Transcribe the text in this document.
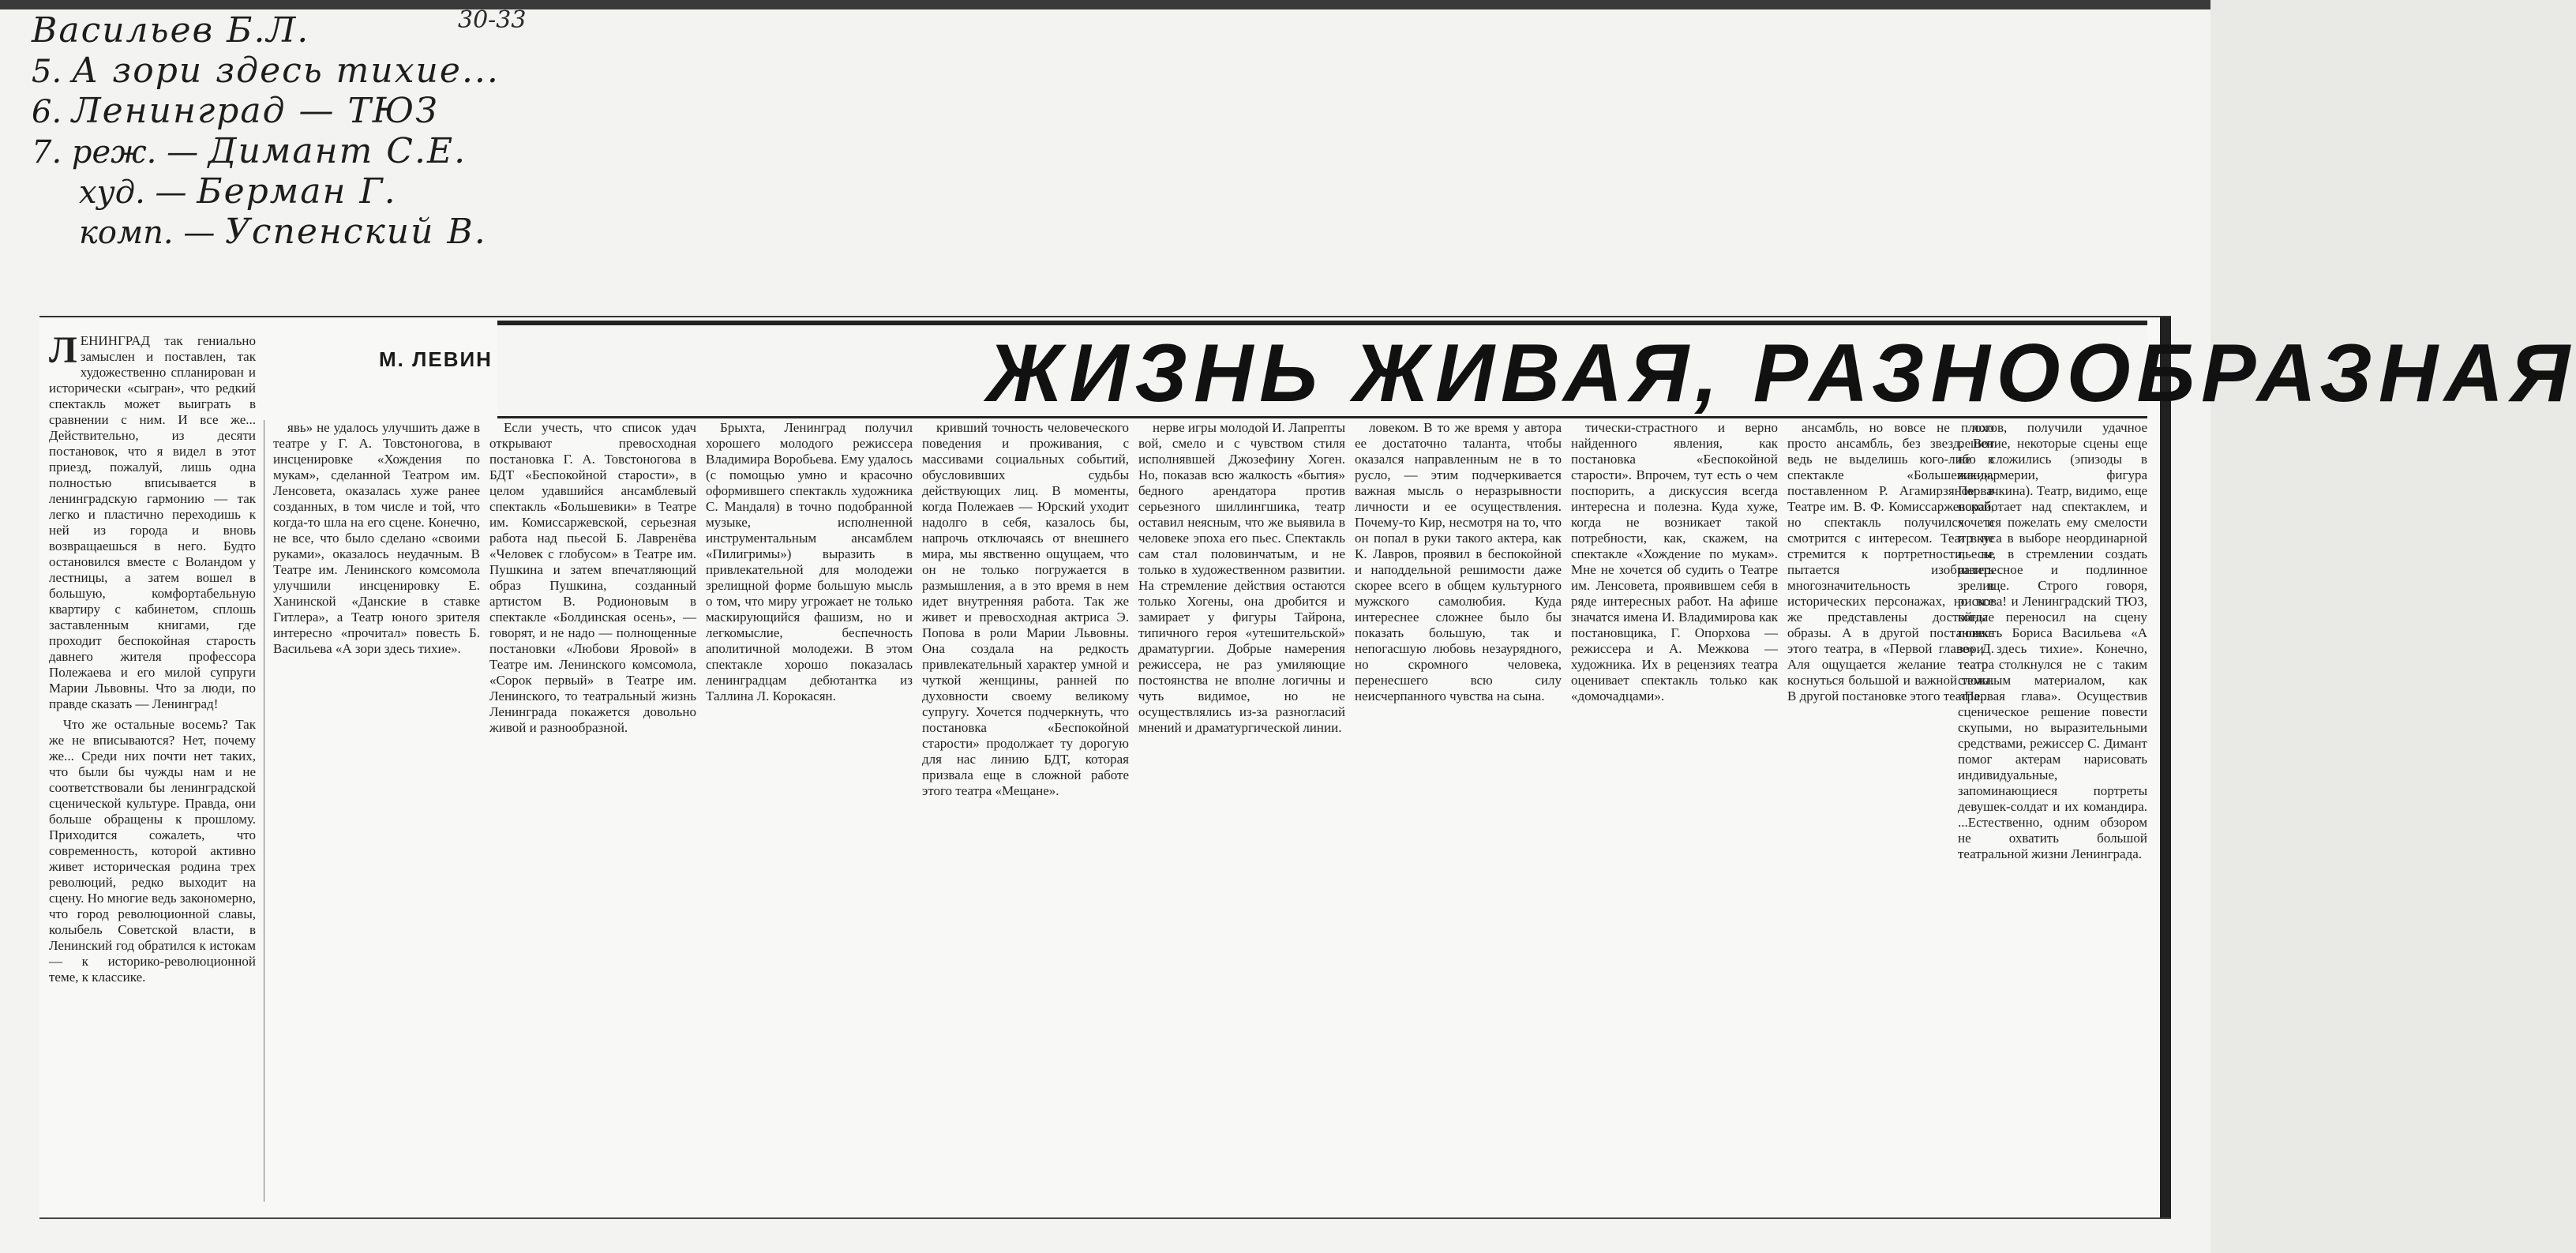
30-33
Васильев Б.Л.
5. А зори здесь тихие...
6. Ленинград — ТЮЗ
7. реж. — Димант С.Е.
худ. — Берман Г.
комп. — Успенский В.
ЖИЗНЬ ЖИВАЯ, РАЗНООБРАЗНАЯ
М. ЛЕВИН

ЛЕНИНГРАД так гениально замыслен и поставлен, так художественно спланирован и исторически «сыгран», что редкий спектакль может выиграть в сравнении с ним. И все же... Действительно, из десяти постановок, что я видел в этот приезд, пожалуй, лишь одна полностью вписывается в ленинградскую гармонию — так легко и пластично переходишь к ней из города и вновь возвращаешься в него. Будто остановился вместе с Воландом у лестницы, а затем вошел в большую, комфортабельную квартиру с кабинетом, сплошь заставленным книгами, где проходит беспокойная старость давнего жителя профессора Полежаева и его милой супруги Марии Львовны. Что за люди, по правде сказать — Ленинград!

Что же остальные восемь? Так же не вписываются? Нет, почему же... Среди них почти нет таких, что были бы чужды нам и не соответствовали бы ленинградской сценической культуре. Правда, они больше обращены к прошлому. Приходится сожалеть, что современность, которой активно живет историческая родина трех революций, редко выходит на сцену. Но многие ведь закономерно, что город революционной славы, колыбель Советской власти, в Ленинский год обратился к истокам — к историко-революционной теме, к классике.

явь» не удалось улучшить даже в театре у Г. А. Товстоногова, в инсценировке «Хождения по мукам», сделанной Театром им. Ленсовета, оказалась хуже ранее созданных, в том числе и той, что когда-то шла на его сцене. Конечно, не все, что было сделано «своими руками», оказалось неудачным. В Театре им. Ленинского комсомола улучшили инсценировку Е. Ханинской «Данские в ставке Гитлера», а Театр юного зрителя интересно «прочитал» повесть Б. Васильева «А зори здесь тихие».

Если учесть, что список удач открывают превосходная постановка Г. А. Товстоногова в БДТ «Беспокойной старости», в целом удавшийся ансамблевый спектакль «Большевики» в Театре им. Комиссаржевской, серьезная работа над пьесой Б. Лавренёва «Человек с глобусом» в Театре им. Пушкина и затем впечатляющий образ Пушкина, созданный артистом В. Родионовым в спектакле «Болдинская осень», — говорят, и не надо — полнощенные постановки «Любови Яровой» в Театре им. Ленинского комсомола, «Сорок первый» в Театре им. Ленинского, то театральный жизнь Ленинграда покажется довольно живой и разнообразной.

Брыхта, Ленинград получил хорошего молодого режиссера Владимира Воробьева. Ему удалось (с помощью умно и красочно оформившего спектакль художника С. Мандаля) в точно подобранной музыке, исполненной инструментальным ансамблем «Пилигримы») выразить в привлекательной для молодежи зрелищной форме большую мысль о том, что миру угрожает не только маскирующийся фашизм, но и легкомыслие, беспечность аполитичной молодежи. В этом спектакле хорошо показалась ленинградцам дебютантка из Таллина Л. Корокасян.

кривший точность человеческого поведения и проживания, с массивами социальных событий, обусловивших судьбы действующих лиц. В моменты, когда Полежаев — Юрский уходит надолго в себя, казалось бы, напрочь отключаясь от внешнего мира, мы явственно ощущаем, что он не только погружается в размышления, а в это время в нем идет внутренняя работа. Так же живет и превосходная актриса Э. Попова в роли Марии Львовны. Она создала на редкость привлекательный характер умной и чуткой женщины, ранней по духовности своему великому супругу. Хочется подчеркнуть, что постановка «Беспокойной старости» продолжает ту дорогую для нас линию БДТ, которая призвала еще в сложной работе этого театра «Мещане».

нерве игры молодой И. Лапрепты вой, смело и с чувством стиля исполнявшей Джозефину Хоген. Но, показав всю жалкость «бытия» бедного арендатора против серьезного шиллингшика, театр оставил неясным, что же выявила в человеке эпоха его пьес. Спектакль сам стал половинчатым, и не только в художественном развитии. На стремление действия остаются только Хогены, она дробится и замирает у фигуры Тайрона, типичного героя «утешительской» драматургии. Добрые намерения режиссера, не раз умиляющие постоянства не вполне логичны и чуть видимое, но не осуществлялись из-за разногласий мнений и драматургической линии.

ловеком. В то же время у автора ее достаточно таланта, чтобы оказался направленным не в то русло, — этим подчеркивается важная мысль о неразрывности личности и ее осуществления. Почему-то Кир, несмотря на то, что он попал в руки такого актера, как К. Лавров, проявил в беспокойной и наподдельной решимости даже скорее всего в общем культурного мужского самолюбия. Куда интереснее сложнее было бы показать большую, так и непогасшую любовь незаурядного, но скромного человека, перенесшего всю силу неисчерпанного чувства на сына.

тически-страстного и верно найденного явления, как постановка «Беспокойной старости». Впрочем, тут есть о чем поспорить, а дискуссия всегда интересна и полезна. Куда хуже, когда не возникает такой потребности, как, скажем, на спектакле «Хождение по мукам». Мне не хочется об судить о Театре им. Ленсовета, проявившем себя в ряде интересных работ. На афише значатся имена И. Владимирова как постановщика, Г. Опорхова — режиссера и А. Межкова — художника. Их в рецензиях театра оценивает спектакль только как «домочадцами».

ансамбль, но вовсе не плохо просто ансамбль, без звезд. Вот ведь не выделишь кого-либо в спектакле «Большевики», поставленном Р. Агамирзяном в Театре им. В. Ф. Комиссаржевской, но спектакль получился и смотрится с интересом. Театр не стремится к портретности, не пытается изобразить многозначительность в исторических персонажах, но все же представлены достойные образы. А в другой постановке этого театра, в «Первой главе» Д. Аля ощущается желание театра коснуться большой и важной темы. В другой постановке этого театра...

логов, получили удачное решение, некоторые сцены еще не сложились (эпизоды в жандармерии, фигура Первачкина). Театр, видимо, еще поработает над спектаклем, и хочется пожелать ему смелости и вкуса в выборе неординарной пьесы, в стремлении создать интересное и подлинное зрелище. Строго говоря, рискова! и Ленинградский ТЮЗ, когда переносил на сцену повесть Бориса Васильева «А зори здесь тихие». Конечно, театр столкнулся не с таким сложным материалом, как «Первая глава». Осуществив сценическое решение повести скупыми, но выразительными средствами, режиссер С. Димант помог актерам нарисовать индивидуальные, запоминающиеся портреты девушек-солдат и их командира. ...Естественно, одним обзором не охватить большой театральной жизни Ленинграда.
